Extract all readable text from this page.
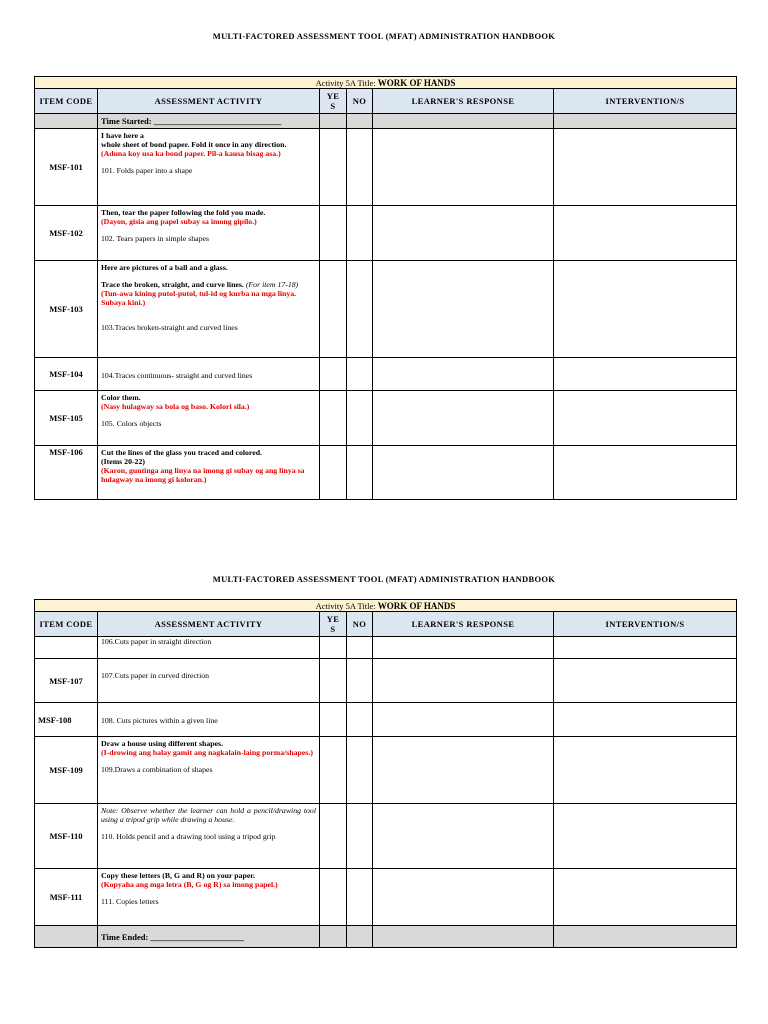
MULTI-FACTORED ASSESSMENT TOOL (MFAT) ADMINISTRATION HANDBOOK
Activity 5A Title: WORK OF HANDS					
ITEM CODE	ASSESSMENT ACTIVITY	YE S	NO	LEARNER'S RESPONSE	INTERVENTION/S
	Time Started: ______________________________				
MSF-101	I have here a
whole sheet of bond paper. Fold it once in any direction.
(Aduna koy usa ka bond paper. Pil-a kausa bisag asa.)
101. Folds paper into a shape				

MSF-102	Then, tear the paper following the fold you made.
(Dayon, gisia ang papel subay sa imong gipilo.)
102. Tears papers in simple shapes				

MSF-103	Here are pictures of a ball and a glass.
Trace the broken, straight, and curve lines. (For item 17-18)
(Tun-awa kining putol-putol, tul-id og kurba na mga linya. Subaya kini.)
103.Traces broken-straight and curved lines				

MSF-104	104.Traces continuous- straight and curved lines				

MSF-105	Color them.
(Nasy hulagway sa bola og baso. Kolori sila.)
105. Colors objects				

MSF-106	Cut the lines of the glass you traced and colored.
(Items 20-22)
(Karon, guntinga ang linya na imong gi subay og ang linya sa hulagway na imong gi koloran.)				

MULTI-FACTORED ASSESSMENT TOOL (MFAT) ADMINISTRATION HANDBOOK
Activity 5A Title: WORK OF HANDS					
ITEM CODE	ASSESSMENT ACTIVITY	YE S	NO	LEARNER'S RESPONSE	INTERVENTION/S

	106.Cuts paper in straight direction				

MSF-107	107.Cuts paper in curved direction				

MSF-108	108. Cuts pictures within a given line				

MSF-109	Draw a house using different shapes.
(I-drowing ang balay gamit ang nagkalain-laing porma/shapes.)
109.Draws a combination of shapes				

MSF-110	Note: Observe whether the learner can hold a pencil/drawing tool using a tripod grip while drawing a house.
110. Holds pencil and a drawing tool using a tripod grip				

MSF-111	Copy these letters (B, G and R) on your paper.
(Kopyaha ang mga letra (B, G og R) sa imong papel.)
111. Copies letters				

	Time Ended: ______________________				
